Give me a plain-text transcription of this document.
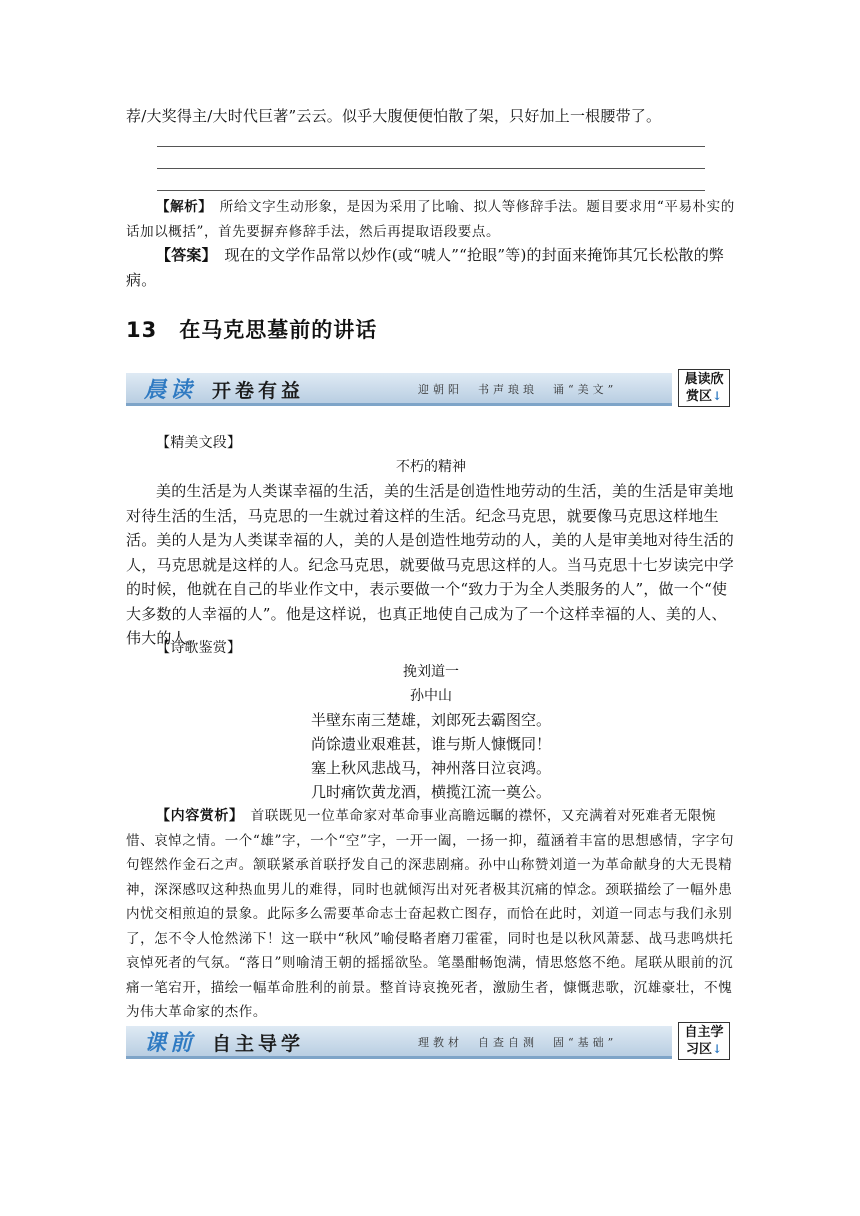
荐/大奖得主/大时代巨著”云云。似乎大腹便便怕散了架，只好加上一根腰带了。

【解析】　 所给文字生动形象，是因为采用了比喻、拟人等修辞手法。题目要求用“平易朴实的话加以概括”，首先要摒弃修辞手法，然后再提取语段要点。

【答案】　 现在的文学作品常以炒作(或“唬人”“抢眼”等)的封面来掩饰其冗长松散的弊病。

13 在马克思墓前的讲话
晨读 开卷有益	迎朝阳　书声琅琅　诵“美文”
晨读欣
赏区↓

【精美文段】

不朽的精神

美的生活是为人类谋幸福的生活，美的生活是创造性地劳动的生活，美的生活是审美地对待生活的生活，马克思的一生就过着这样的生活。纪念马克思，就要像马克思这样地生活。美的人是为人类谋幸福的人，美的人是创造性地劳动的人，美的人是审美地对待生活的人，马克思就是这样的人。纪念马克思，就要做马克思这样的人。当马克思十七岁读完中学的时候，他就在自己的毕业作文中，表示要做一个“致力于为全人类服务的人”，做一个“使大多数的人幸福的人”。他是这样说，也真正地使自己成为了一个这样幸福的人、美的人、伟大的人。

【诗歌鉴赏】

挽刘道一

孙中山

半壁东南三楚雄，刘郎死去霸图空。

尚馀遗业艰难甚，谁与斯人慷慨同！

塞上秋风悲战马，神州落日泣哀鸿。

几时痛饮黄龙酒，横揽江流一奠公。

【内容赏析】　 首联既见一位革命家对革命事业高瞻远瞩的襟怀，又充满着对死难者无限惋惜、哀悼之情。一个“雄”字，一个“空”字，一开一阖，一扬一抑，蕴涵着丰富的思想感情，字字句句铿然作金石之声。颔联紧承首联抒发自己的深悲剧痛。孙中山称赞刘道一为革命献身的大无畏精神，深深感叹这种热血男儿的难得，同时也就倾泻出对死者极其沉痛的悼念。颈联描绘了一幅外患内忧交相煎迫的景象。此际多么需要革命志士奋起救亡图存，而恰在此时，刘道一同志与我们永别了，怎不令人怆然涕下！这一联中“秋风”喻侵略者磨刀霍霍，同时也是以秋风萧瑟、战马悲鸣烘托哀悼死者的气氛。“落日”则喻清王朝的摇摇欲坠。笔墨酣畅饱满，情思悠悠不绝。尾联从眼前的沉痛一笔宕开，描绘一幅革命胜利的前景。整首诗哀挽死者，激励生者，慷慨悲歌，沉雄豪壮，不愧为伟大革命家的杰作。

课前 自主导学	理教材　自查自测　固“基础”
自主学
习区↓
